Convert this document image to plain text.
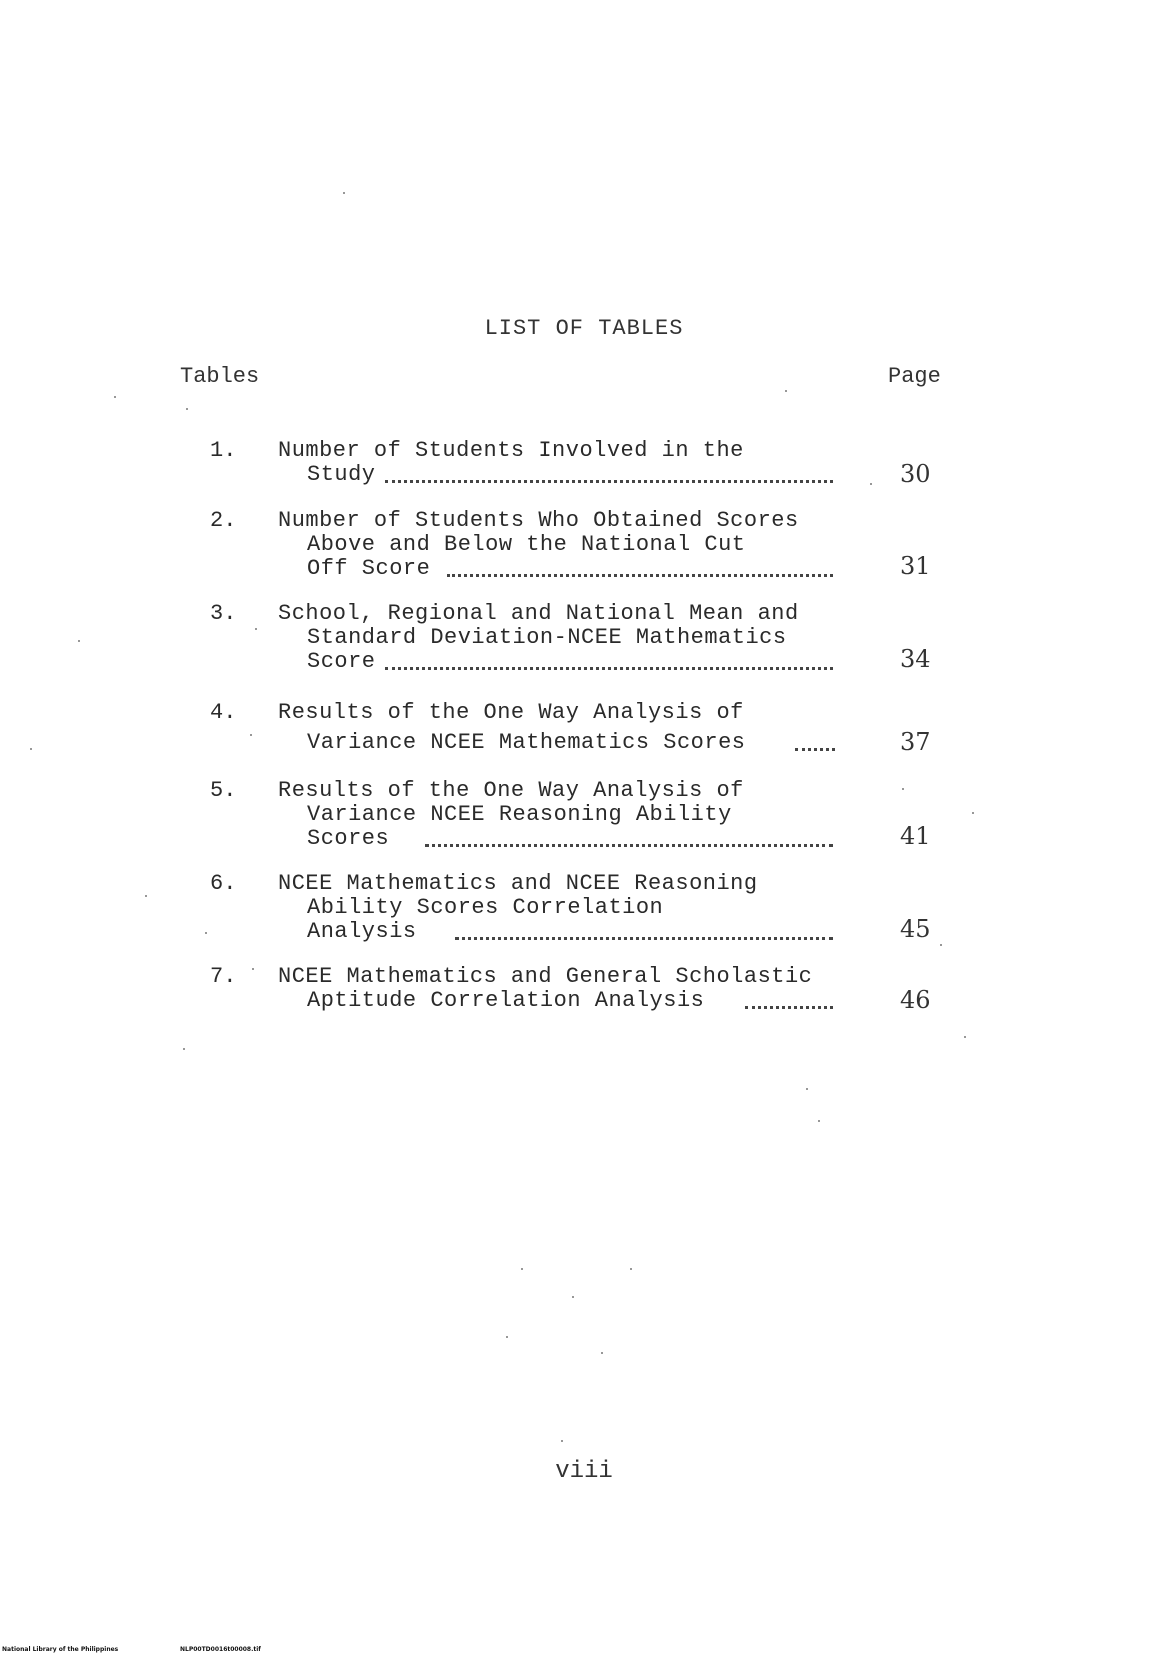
LIST OF TABLES
Tables	Page
1. Number of Students Involved in the
Study	30
2. Number of Students Who Obtained Scores
Above and Below the National Cut
Off Score	31
3. School, Regional and National Mean and
Standard Deviation-NCEE Mathematics
Score	34
4. Results of the One Way Analysis of
Variance NCEE Mathematics Scores	37
5. Results of the One Way Analysis of
Variance NCEE Reasoning Ability
Scores	41
6. NCEE Mathematics and NCEE Reasoning
Ability Scores Correlation
Analysis	45
7. NCEE Mathematics and General Scholastic
Aptitude Correlation Analysis	46
viii
National Library of the Philippines	NLP00TD0016t00008.tif
